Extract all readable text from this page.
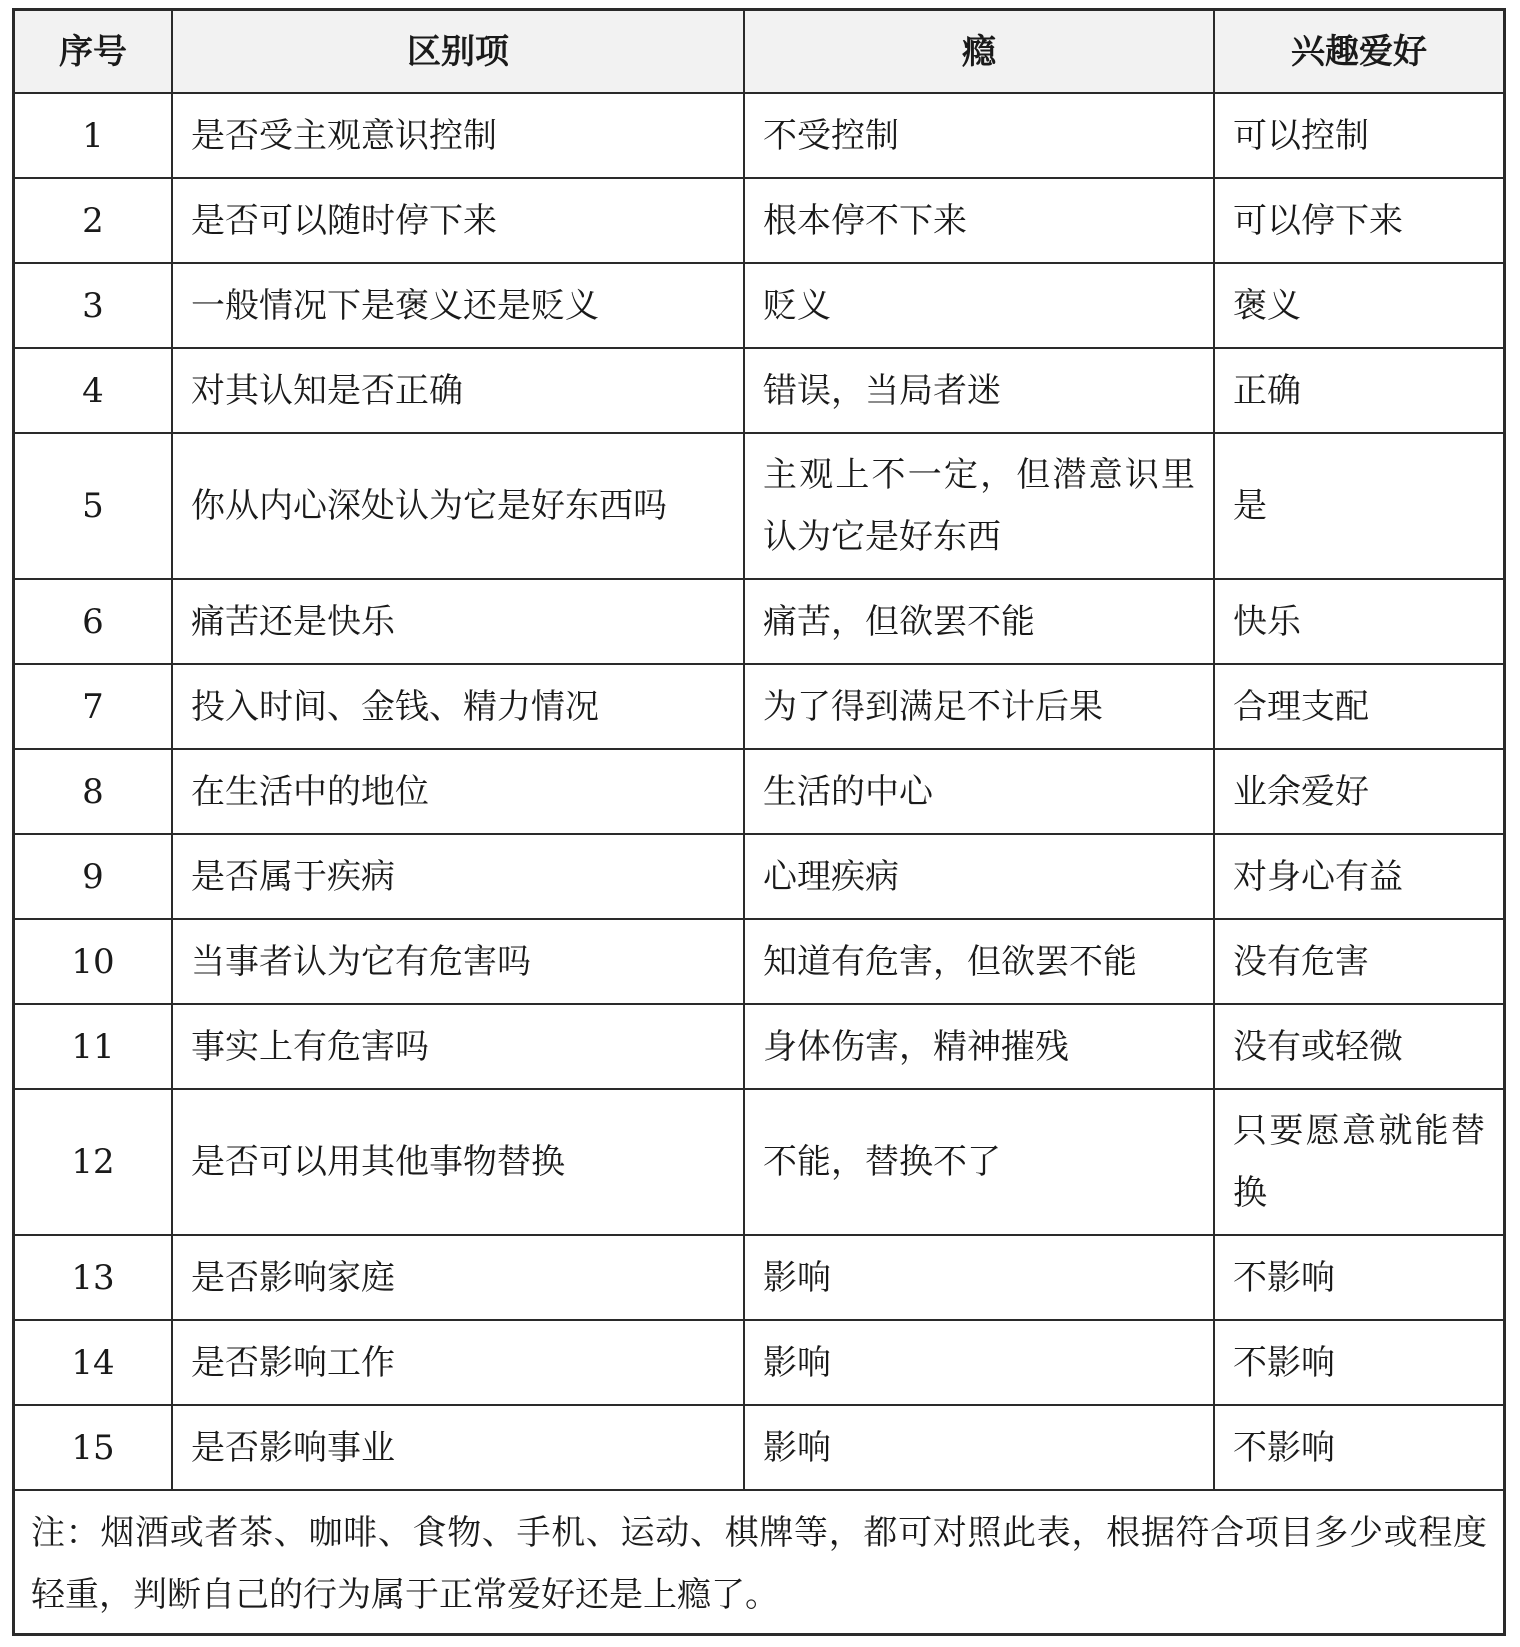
序号	区别项	瘾	兴趣爱好
1	是否受主观意识控制	不受控制	可以控制
2	是否可以随时停下来	根本停不下来	可以停下来
3	一般情况下是褒义还是贬义	贬义	褒义
4	对其认知是否正确	错误，当局者迷	正确
5	你从内心深处认为它是好东西吗	主观上不一定，但潜意识里认为它是好东西	是
6	痛苦还是快乐	痛苦，但欲罢不能	快乐
7	投入时间、金钱、精力情况	为了得到满足不计后果	合理支配
8	在生活中的地位	生活的中心	业余爱好
9	是否属于疾病	心理疾病	对身心有益
10	当事者认为它有危害吗	知道有危害，但欲罢不能	没有危害
11	事实上有危害吗	身体伤害，精神摧残	没有或轻微
12	是否可以用其他事物替换	不能，替换不了	只要愿意就能替换
13	是否影响家庭	影响	不影响
14	是否影响工作	影响	不影响
15	是否影响事业	影响	不影响
注：烟酒或者茶、咖啡、食物、手机、运动、棋牌等，都可对照此表，根据符合项目多少或程度轻重，判断自己的行为属于正常爱好还是上瘾了。			
